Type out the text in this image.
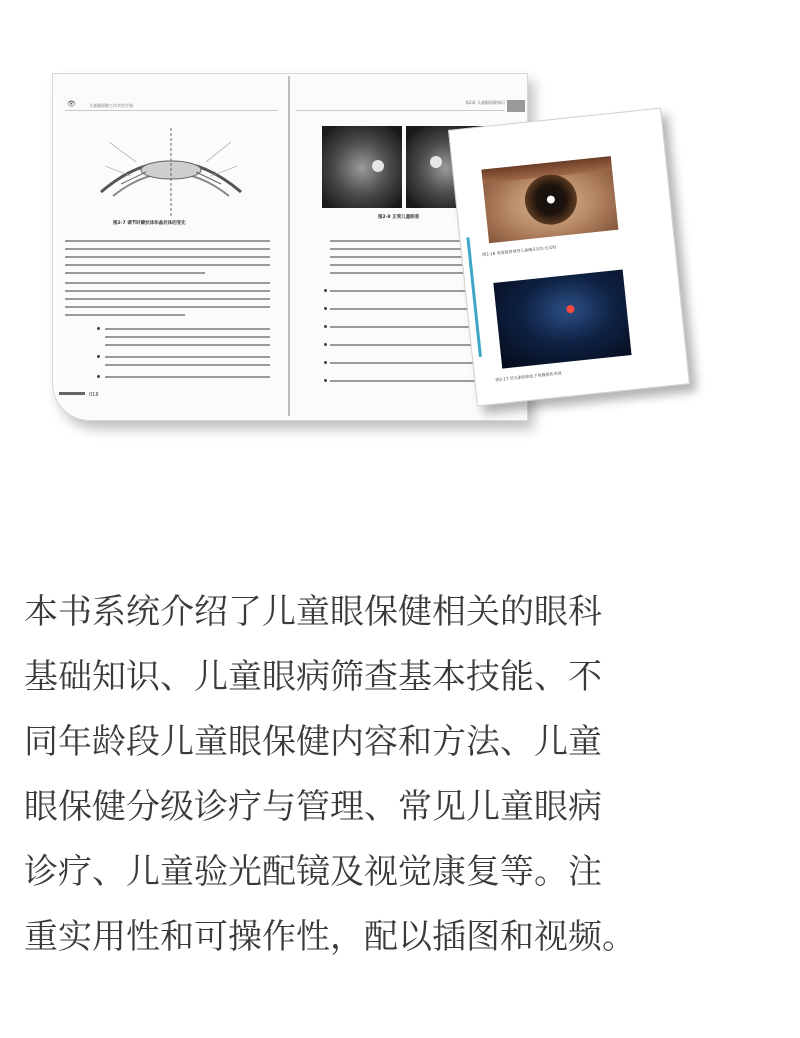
👁	儿童眼保健工作实用手册
图2-7 调节时睫状体和晶状体的变化
018
第2章 儿童眼保健知识
图2-8 正常儿童眼底
图2-16 电筒照射观察儿童瞳孔区红光反射
图2-17 荧光素钠染色下角膜损伤表现
本书系统介绍了儿童眼保健相关的眼科
基础知识、儿童眼病筛查基本技能、不
同年龄段儿童眼保健内容和方法、儿童
眼保健分级诊疗与管理、常见儿童眼病
诊疗、儿童验光配镜及视觉康复等。注
重实用性和可操作性，配以插图和视频。
